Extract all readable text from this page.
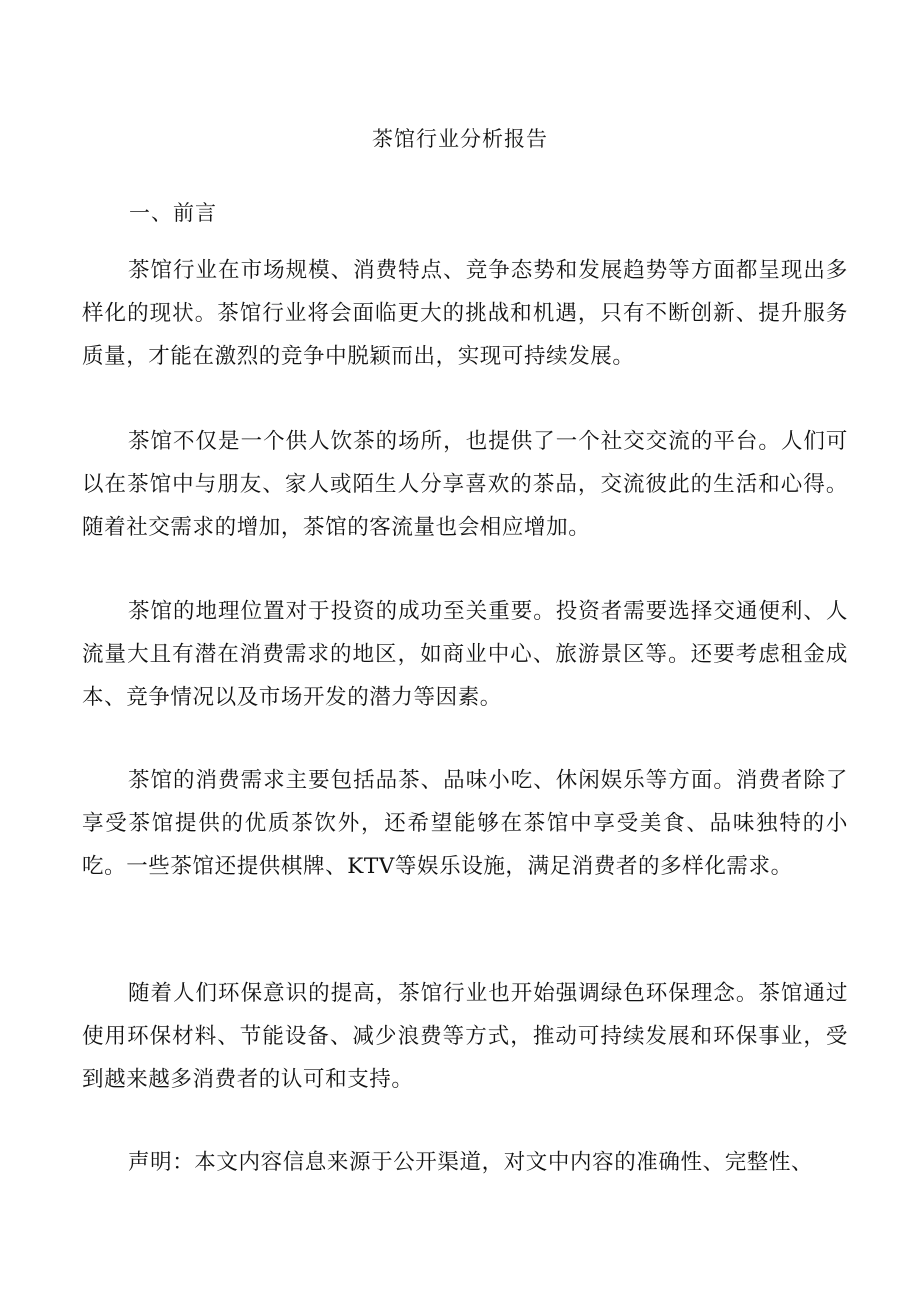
茶馆行业分析报告
一、前言

茶馆行业在市场规模、消费特点、竞争态势和发展趋势等方面都呈现出多样化的现状。茶馆行业将会面临更大的挑战和机遇，只有不断创新、提升服务质量，才能在激烈的竞争中脱颖而出，实现可持续发展。

茶馆不仅是一个供人饮茶的场所，也提供了一个社交交流的平台。人们可以在茶馆中与朋友、家人或陌生人分享喜欢的茶品，交流彼此的生活和心得。随着社交需求的增加，茶馆的客流量也会相应增加。

茶馆的地理位置对于投资的成功至关重要。投资者需要选择交通便利、人流量大且有潜在消费需求的地区，如商业中心、旅游景区等。还要考虑租金成本、竞争情况以及市场开发的潜力等因素。

茶馆的消费需求主要包括品茶、品味小吃、休闲娱乐等方面。消费者除了享受茶馆提供的优质茶饮外，还希望能够在茶馆中享受美食、品味独特的小吃。一些茶馆还提供棋牌、KTV等娱乐设施，满足消费者的多样化需求。

随着人们环保意识的提高，茶馆行业也开始强调绿色环保理念。茶馆通过使用环保材料、节能设备、减少浪费等方式，推动可持续发展和环保事业，受到越来越多消费者的认可和支持。

声明：本文内容信息来源于公开渠道，对文中内容的准确性、完整性、
